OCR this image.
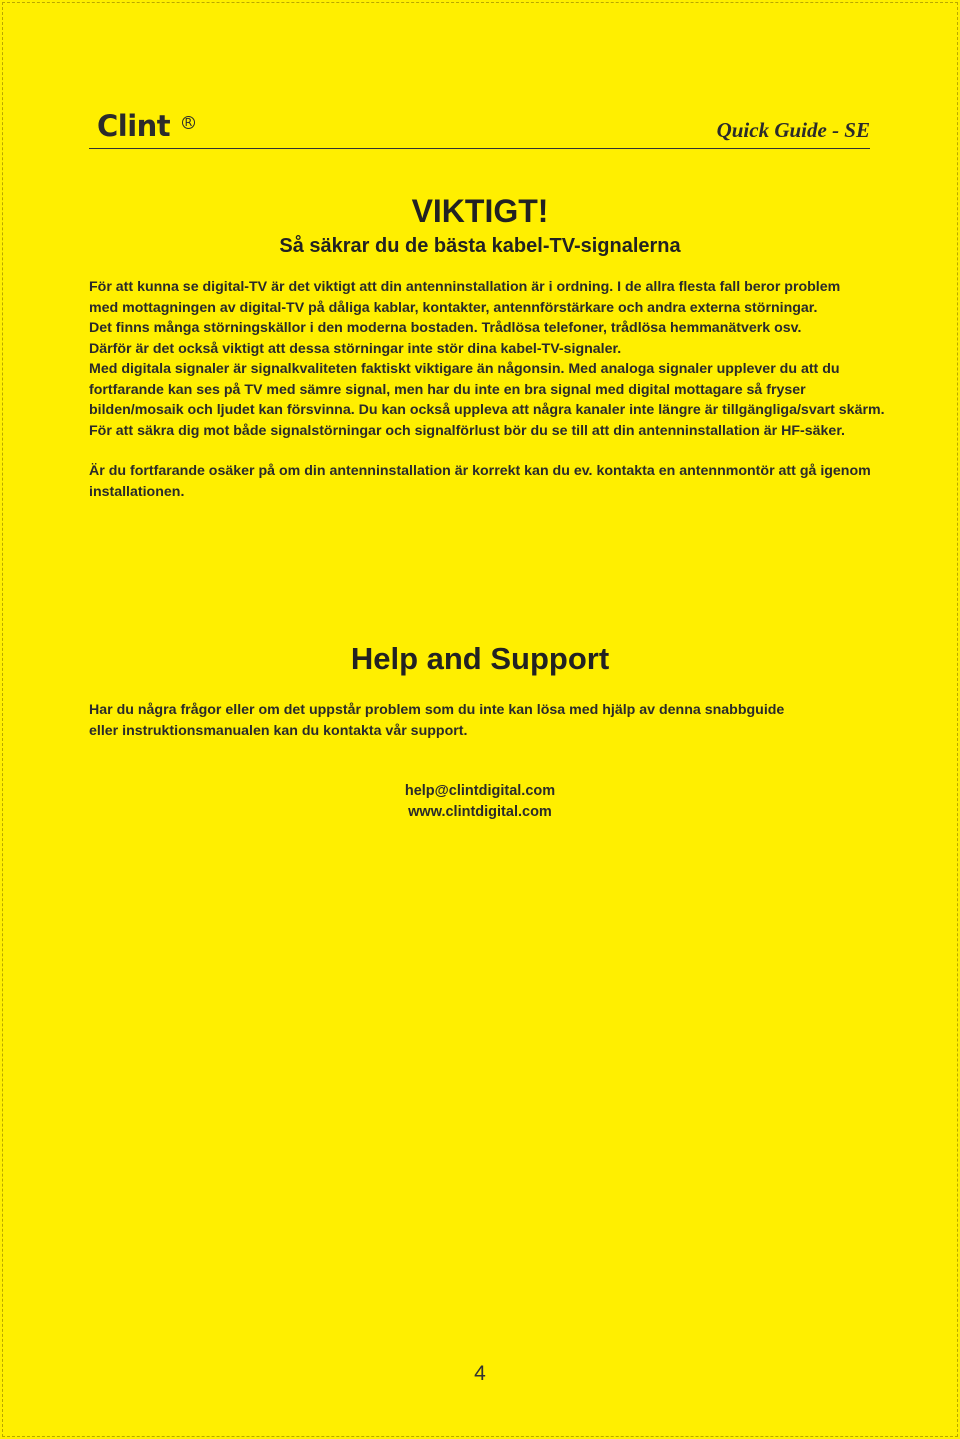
Clint R	Quick Guide - SE
VIKTIGT!
Så säkrar du de bästa kabel-TV-signalerna
För att kunna se digital-TV är det viktigt att din antenninstallation är i ordning. I de allra flesta fall beror problem
med mottagningen av digital-TV på dåliga kablar, kontakter, antennförstärkare och andra externa störningar.
Det finns många störningskällor i den moderna bostaden. Trådlösa telefoner, trådlösa hemmanätverk osv.
Därför är det också viktigt att dessa störningar inte stör dina kabel-TV-signaler.
Med digitala signaler är signalkvaliteten faktiskt viktigare än någonsin. Med analoga signaler upplever du att du
fortfarande kan ses på TV med sämre signal, men har du inte en bra signal med digital mottagare så fryser
bilden/mosaik och ljudet kan försvinna. Du kan också uppleva att några kanaler inte längre är tillgängliga/svart skärm.
För att säkra dig mot både signalstörningar och signalförlust bör du se till att din antenninstallation är HF-säker.
Är du fortfarande osäker på om din antenninstallation är korrekt kan du ev. kontakta en antennmontör att gå igenom
installationen.
Help and Support
Har du några frågor eller om det uppstår problem som du inte kan lösa med hjälp av denna snabbguide
eller instruktionsmanualen kan du kontakta vår support.
help@clintdigital.com
www.clintdigital.com
4
